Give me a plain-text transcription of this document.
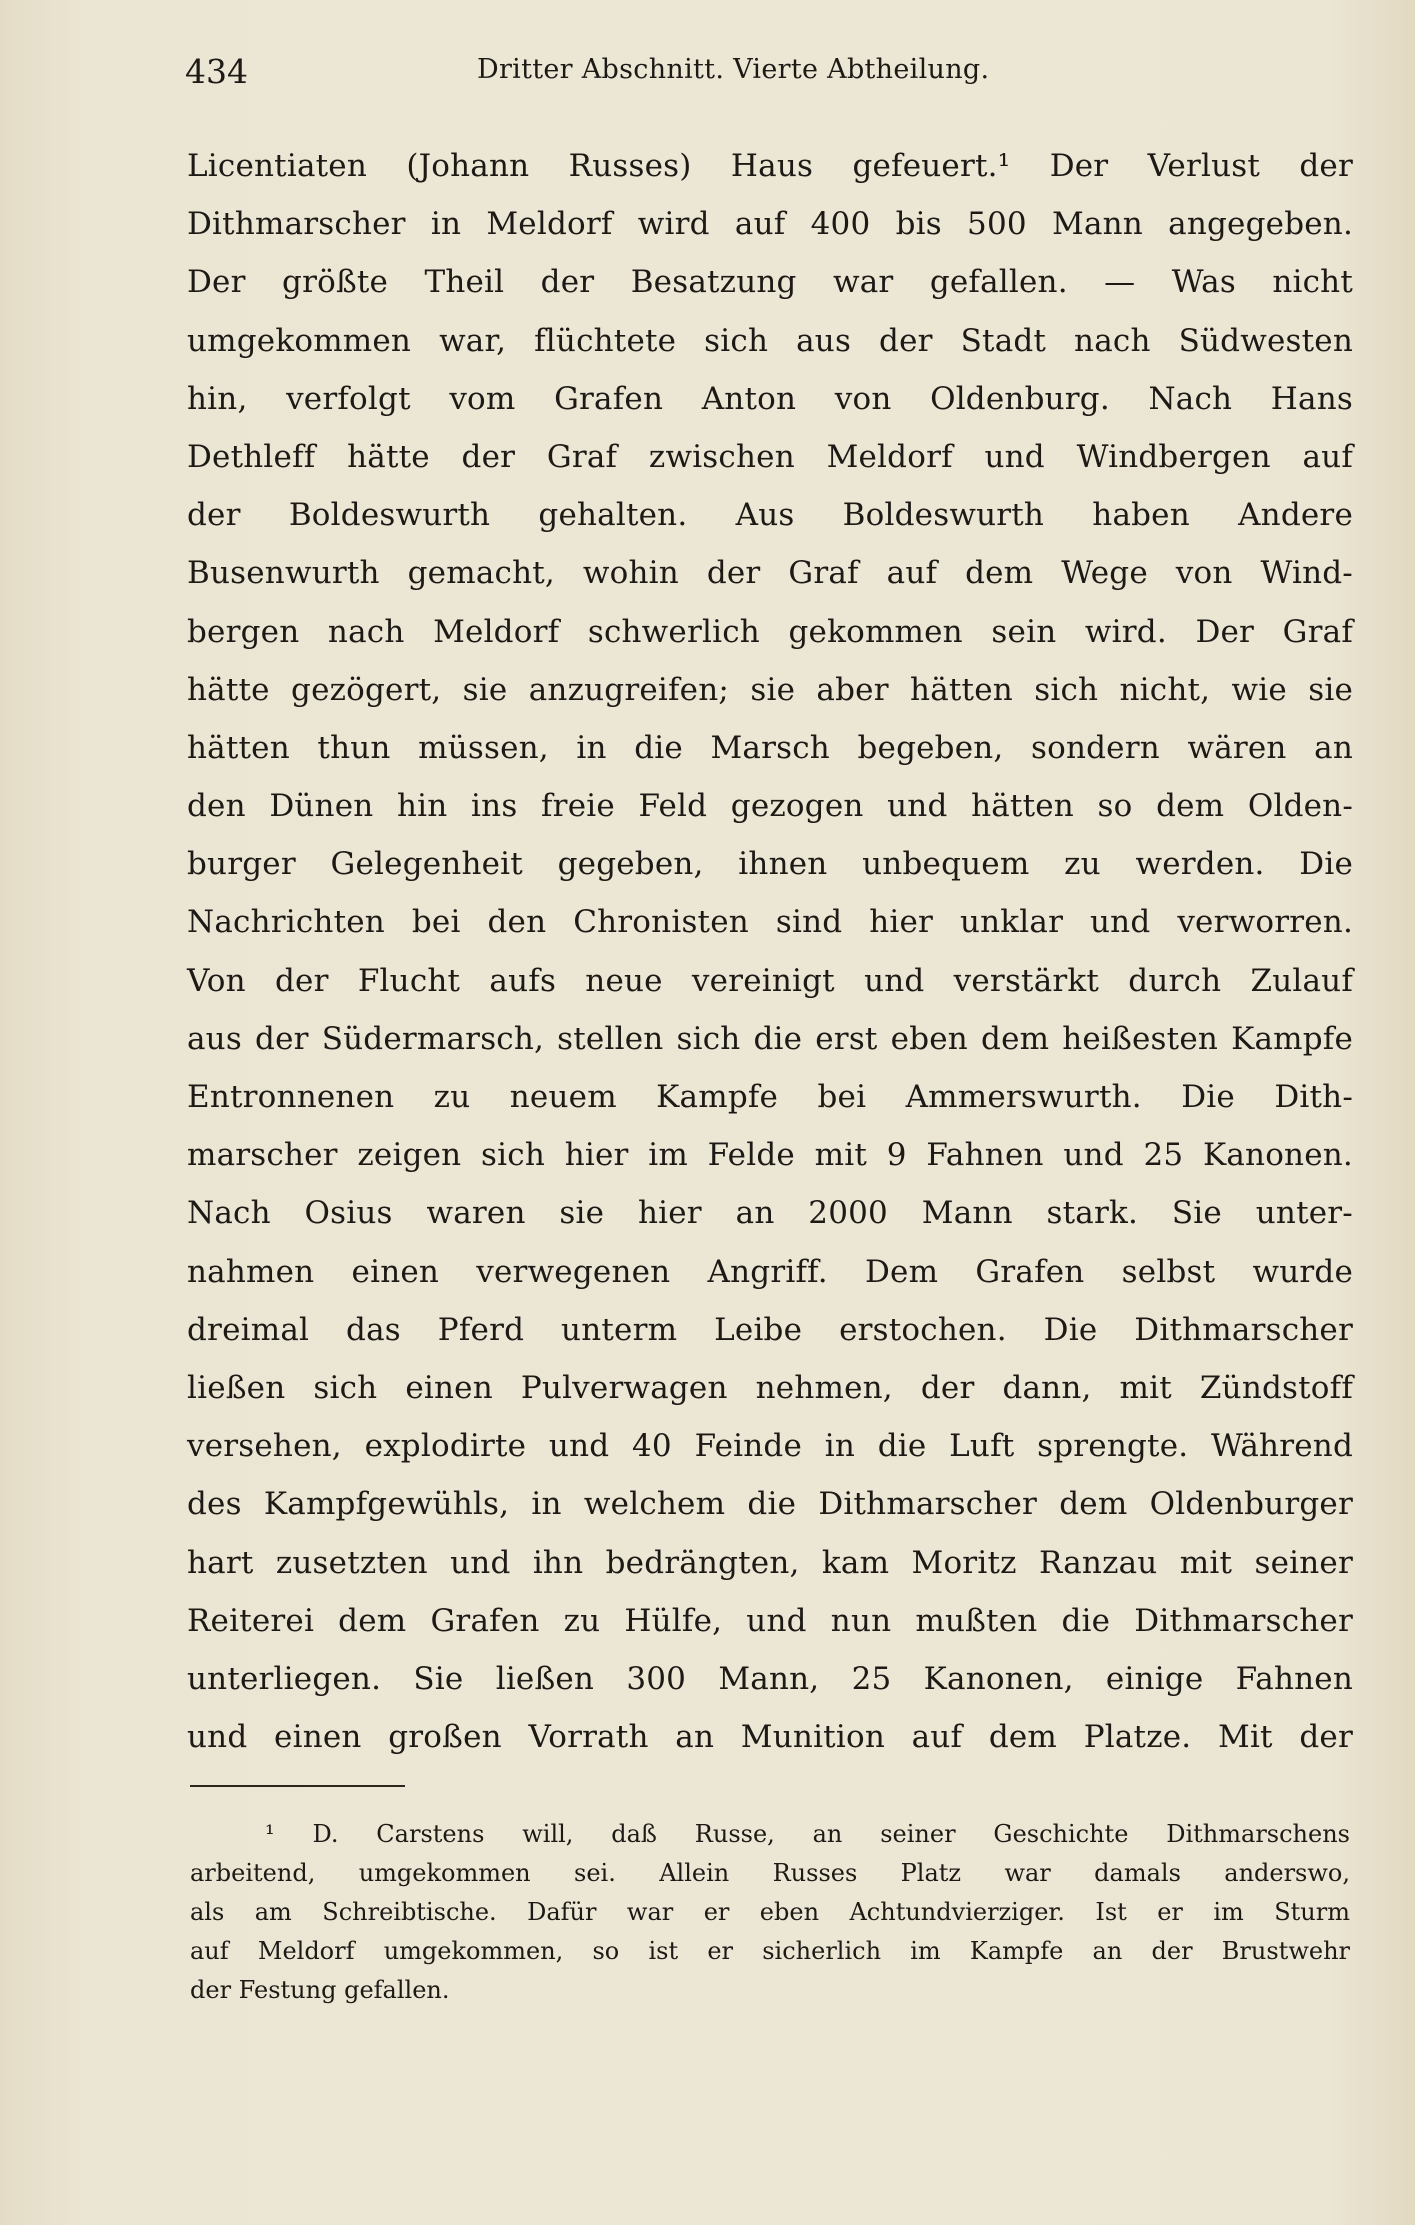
434	Dritter Abschnitt. Vierte Abtheilung.
Licentiaten (Johann Russes) Haus gefeuert.¹ Der Verlust der
Dithmarscher in Meldorf wird auf 400 bis 500 Mann angegeben.
Der größte Theil der Besatzung war gefallen. — Was nicht
umgekommen war, flüchtete sich aus der Stadt nach Südwesten
hin, verfolgt vom Grafen Anton von Oldenburg. Nach Hans
Dethleff hätte der Graf zwischen Meldorf und Windbergen auf
der Boldeswurth gehalten. Aus Boldeswurth haben Andere
Busenwurth gemacht, wohin der Graf auf dem Wege von Wind-
bergen nach Meldorf schwerlich gekommen sein wird. Der Graf
hätte gezögert, sie anzugreifen; sie aber hätten sich nicht, wie sie
hätten thun müssen, in die Marsch begeben, sondern wären an
den Dünen hin ins freie Feld gezogen und hätten so dem Olden-
burger Gelegenheit gegeben, ihnen unbequem zu werden. Die
Nachrichten bei den Chronisten sind hier unklar und verworren.
Von der Flucht aufs neue vereinigt und verstärkt durch Zulauf
aus der Südermarsch, stellen sich die erst eben dem heißesten Kampfe
Entronnenen zu neuem Kampfe bei Ammerswurth. Die Dith-
marscher zeigen sich hier im Felde mit 9 Fahnen und 25 Kanonen.
Nach Osius waren sie hier an 2000 Mann stark. Sie unter-
nahmen einen verwegenen Angriff. Dem Grafen selbst wurde
dreimal das Pferd unterm Leibe erstochen. Die Dithmarscher
ließen sich einen Pulverwagen nehmen, der dann, mit Zündstoff
versehen, explodirte und 40 Feinde in die Luft sprengte. Während
des Kampfgewühls, in welchem die Dithmarscher dem Oldenburger
hart zusetzten und ihn bedrängten, kam Moritz Ranzau mit seiner
Reiterei dem Grafen zu Hülfe, und nun mußten die Dithmarscher
unterliegen. Sie ließen 300 Mann, 25 Kanonen, einige Fahnen
und einen großen Vorrath an Munition auf dem Platze. Mit der
¹ D. Carstens will, daß Russe, an seiner Geschichte Dithmarschens
arbeitend, umgekommen sei. Allein Russes Platz war damals anderswo,
als am Schreibtische. Dafür war er eben Achtundvierziger. Ist er im Sturm
auf Meldorf umgekommen, so ist er sicherlich im Kampfe an der Brustwehr
der Festung gefallen.
